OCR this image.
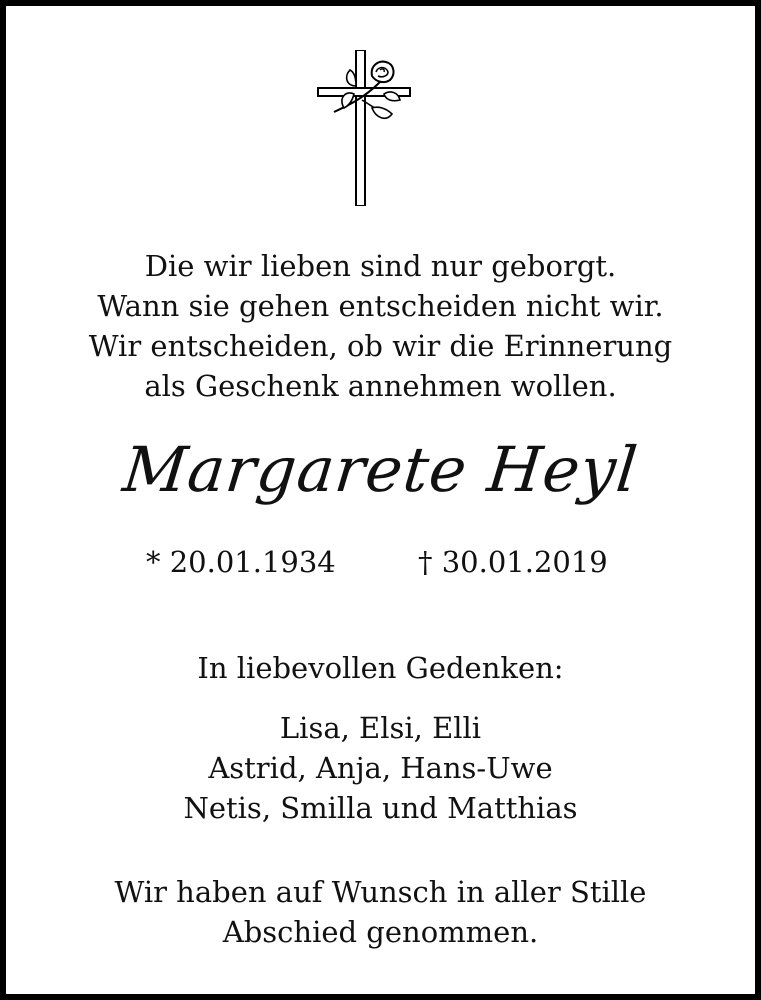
Die wir lieben sind nur geborgt.
Wann sie gehen entscheiden nicht wir.
Wir entscheiden, ob wir die Erinnerung
als Geschenk annehmen wollen.
Margarete Heyl
* 20.01.1934	† 30.01.2019
In liebevollen Gedenken:
Lisa, Elsi, Elli
Astrid, Anja, Hans-Uwe
Netis, Smilla und Matthias
Wir haben auf Wunsch in aller Stille
Abschied genommen.
